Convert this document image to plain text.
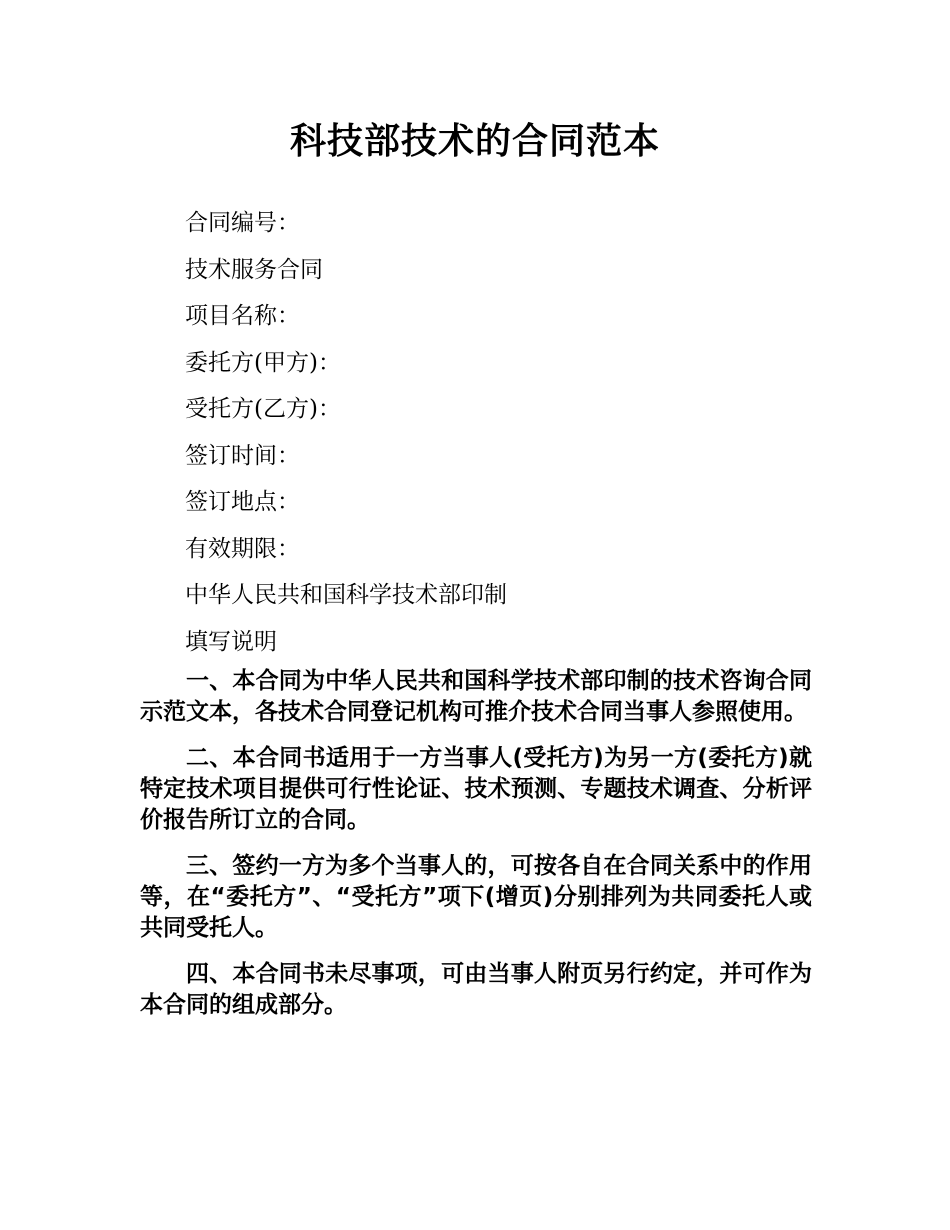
科技部技术的合同范本
合同编号：
技术服务合同
项目名称：
委托方(甲方)：
受托方(乙方)：
签订时间：
签订地点：
有效期限：
中华人民共和国科学技术部印制
填写说明

一、本合同为中华人民共和国科学技术部印制的技术咨询合同示范文本，各技术合同登记机构可推介技术合同当事人参照使用。

二、本合同书适用于一方当事人(受托方)为另一方(委托方)就特定技术项目提供可行性论证、技术预测、专题技术调查、分析评价报告所订立的合同。

三、签约一方为多个当事人的，可按各自在合同关系中的作用等，在“委托方”、“受托方”项下(增页)分别排列为共同委托人或共同受托人。

四、本合同书未尽事项，可由当事人附页另行约定，并可作为本合同的组成部分。
